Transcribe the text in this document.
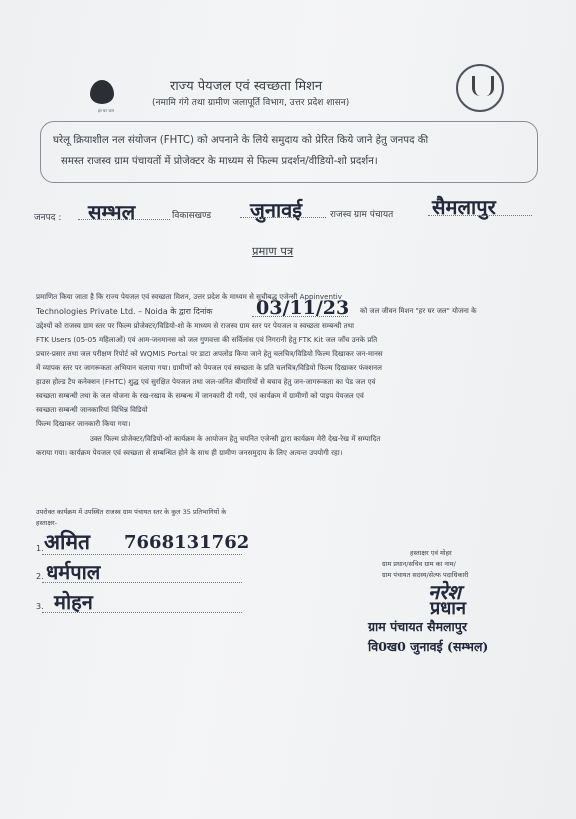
हर घर जल
राज्य पेयजल एवं स्वच्छता मिशन
(नमामि गंगे तथा ग्रामीण जलापूर्ति विभाग, उत्तर प्रदेश शासन)

घरेलू क्रियाशील नल संयोजन (FHTC) को अपनाने के लिये समुदाय को प्रेरित किये जाने हेतु जनपद की

समस्त राजस्व ग्राम पंचायतों में प्रोजेक्टर के माध्यम से फिल्म प्रदर्शन/वीडियो-शो प्रदर्शन।

जनपद : सम्भल	विकासखण्ड जुनावई	राजस्व ग्राम पंचायत सैमलापुर
प्रमाण पत्र
प्रमाणित किया जाता है कि राज्य पेयजल एवं स्वच्छता मिशन, उत्तर प्रदेश के माध्यम से सूचीबद्ध एजेन्सी Appinventiv
Technologies Private Ltd. – Noida के द्वारा दिनांक	03/11/23 को जल जीवन मिशन "हर घर जल" योजना के
उद्देश्यों को राजस्व ग्राम स्तर पर फिल्म प्रोजेक्टर/विडियो-शो के माध्यम से राजस्व ग्राम स्तर पर पेयजल व स्वच्छता सम्बन्धी तथा
FTK Users (05-05 महिलाओं) एवं आम-जनमानस को जल गुणवत्ता की सर्विलांस एवं निगरानी हेतु FTK Kit जल जाँच उनके प्रति
प्रचार-प्रसार तथा जल परीक्षण रिपोर्ट को WQMIS Portal पर डाटा अपलोड किया जाने हेतु चलचित्र/विडियो फिल्म दिखाकर जन-मानस
में व्यापक स्तर पर जागरूकता अभियान चलाया गया। ग्रामीणों को पेयजल एवं स्वच्छता के प्रति चलचित्र/विडियो फिल्म दिखाकर फंक्शनल
हाउस होल्ड टैप कनेक्शन (FHTC) शुद्ध एवं सुरक्षित पेयजल तथा जल-जनित बीमारियों से बचाव हेतु जन-जागरूकता का पेड जल एवं
स्वच्छता सम्बन्धी तथा के जल योजना के रख-रखाव के सम्बन्ध में जानकारी दी गयी, एवं कार्यक्रम में ग्रामीणों को पाइप पेयजल एवं
स्वच्छता सम्बन्धी जानकारियां विभिन्न विडियो
फिल्म दिखाकर जानकारी किया गया।
उक्त फिल्म प्रोजेक्टर/विडियो-शो कार्यक्रम के आयोजन हेतु चयनित एजेन्सी द्वारा कार्यक्रम मेरी देख-रेख में सम्पादित
कराया गया। कार्यक्रम पेयजल एवं स्वच्छता से सम्बन्धित होने के साथ ही ग्रामीण जनसमुदाय के लिए अत्यन्त उपयोगी रहा।
उपरोक्त कार्यक्रम में उपस्थित राजस्व ग्राम पंचायत स्तर के कुल 35 प्रतिभागियों के
हस्ताक्षर-
1. अमित 7668131762
2. धर्मपाल
3. मोहन
हस्ताक्षर एवं मोहर
ग्राम प्रधान/सचिव ग्राम का नाम/
ग्राम पंचायत सदस्य/सेल्फ पदाधिकारी
नरेश
प्रधान
ग्राम पंचायत सैमलापुर
वि0ख0 जुनावई (सम्भल)
